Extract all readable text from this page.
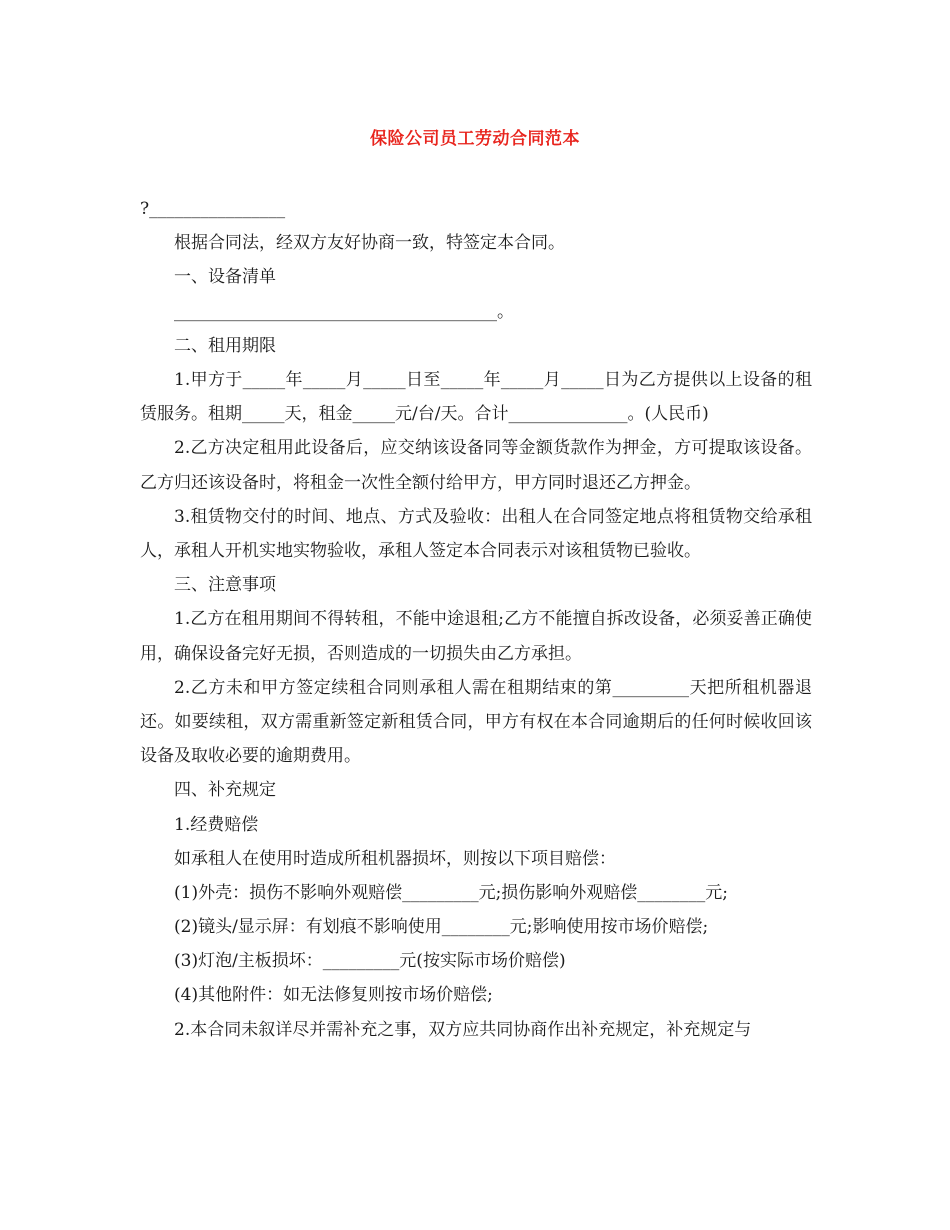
保险公司员工劳动合同范本
?________________
根据合同法，经双方友好协商一致，特签定本合同。
一、设备清单
______________________________________。
二、租用期限

1.甲方于_____年_____月_____日至_____年_____月_____日为乙方提供以上设备的租赁服务。租期_____天，租金_____元/台/天。合计______________。(人民币)

2.乙方决定租用此设备后，应交纳该设备同等金额货款作为押金，方可提取该设备。乙方归还该设备时，将租金一次性全额付给甲方，甲方同时退还乙方押金。

3.租赁物交付的时间、地点、方式及验收：出租人在合同签定地点将租赁物交给承租人，承租人开机实地实物验收，承租人签定本合同表示对该租赁物已验收。

三、注意事项

1.乙方在租用期间不得转租，不能中途退租;乙方不能擅自拆改设备，必须妥善正确使用，确保设备完好无损，否则造成的一切损失由乙方承担。

2.乙方未和甲方签定续租合同则承租人需在租期结束的第_________天把所租机器退还。如要续租，双方需重新签定新租赁合同，甲方有权在本合同逾期后的任何时候收回该设备及取收必要的逾期费用。

四、补充规定
1.经费赔偿
如承租人在使用时造成所租机器损坏，则按以下项目赔偿：
(1)外壳：损伤不影响外观赔偿_________元;损伤影响外观赔偿________元;
(2)镜头/显示屏：有划痕不影响使用________元;影响使用按市场价赔偿;
(3)灯泡/主板损坏：_________元(按实际市场价赔偿)
(4)其他附件：如无法修复则按市场价赔偿;
2.本合同未叙详尽并需补充之事，双方应共同协商作出补充规定，补充规定与
